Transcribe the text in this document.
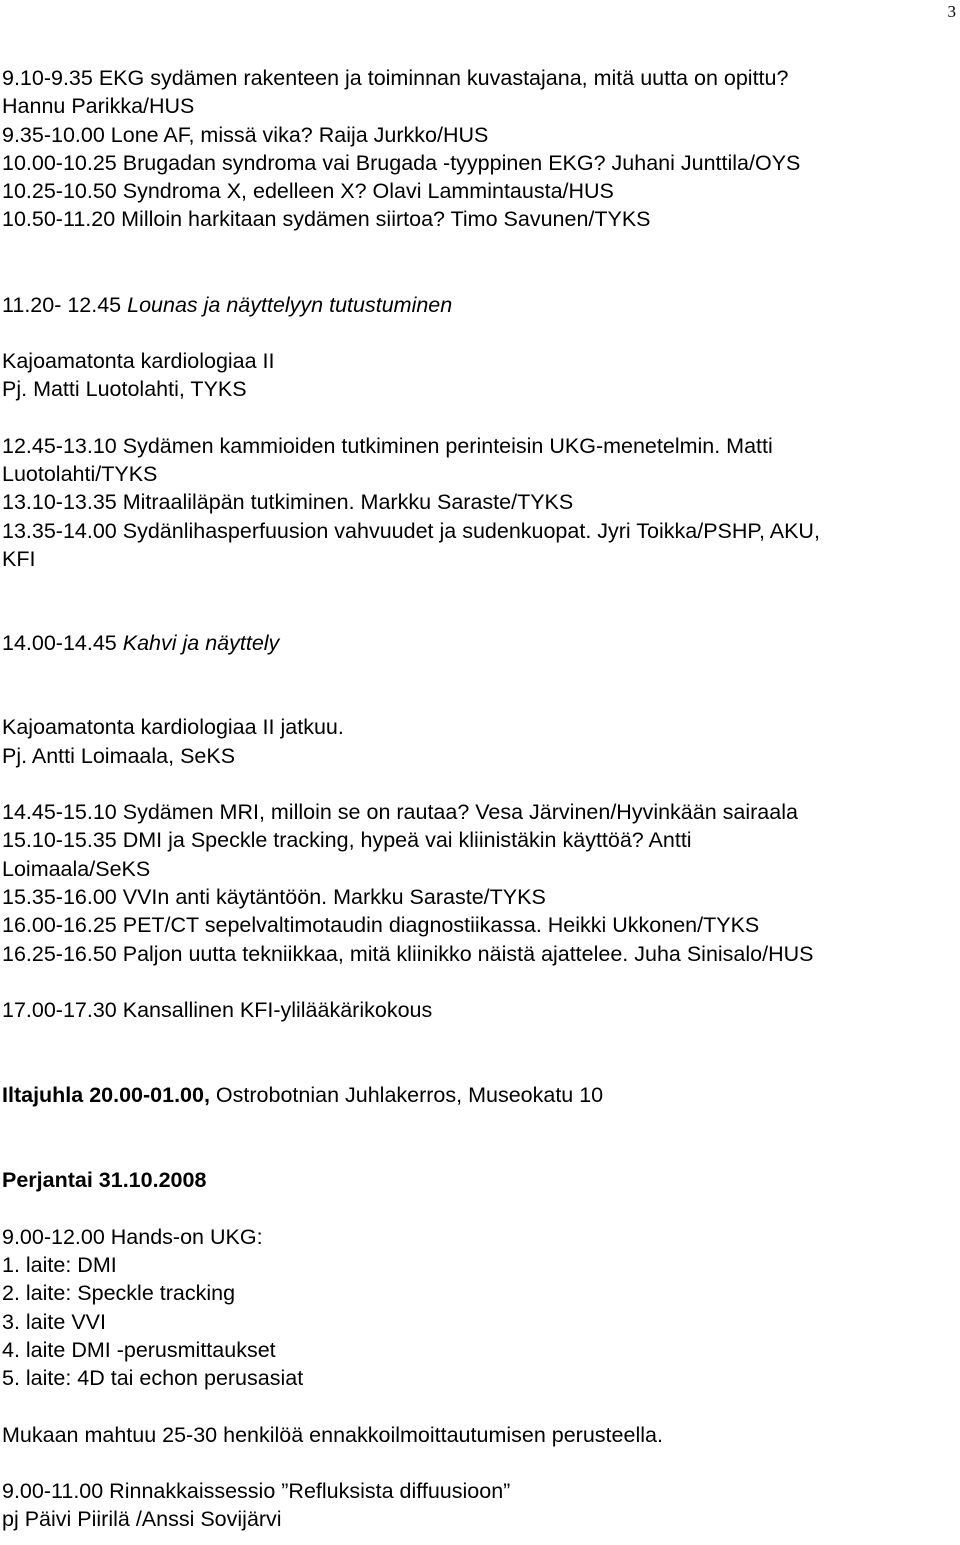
3
9.10-9.35 EKG sydämen rakenteen ja toiminnan kuvastajana, mitä uutta on opittu?
Hannu Parikka/HUS
9.35-10.00 Lone AF, missä vika? Raija Jurkko/HUS
10.00-10.25 Brugadan syndroma vai Brugada -tyyppinen EKG? Juhani Junttila/OYS
10.25-10.50 Syndroma X, edelleen X? Olavi Lammintausta/HUS
10.50-11.20 Milloin harkitaan sydämen siirtoa? Timo Savunen/TYKS
11.20- 12.45 Lounas ja näyttelyyn tutustuminen
Kajoamatonta kardiologiaa II
Pj. Matti Luotolahti, TYKS
12.45-13.10 Sydämen kammioiden tutkiminen perinteisin UKG-menetelmin. Matti
Luotolahti/TYKS
13.10-13.35 Mitraaliläpän tutkiminen. Markku Saraste/TYKS
13.35-14.00 Sydänlihasperfuusion vahvuudet ja sudenkuopat. Jyri Toikka/PSHP, AKU,
KFI
14.00-14.45 Kahvi ja näyttely
Kajoamatonta kardiologiaa II jatkuu.
Pj. Antti Loimaala, SeKS
14.45-15.10 Sydämen MRI, milloin se on rautaa? Vesa Järvinen/Hyvinkään sairaala
15.10-15.35 DMI ja Speckle tracking, hypeä vai kliinistäkin käyttöä? Antti
Loimaala/SeKS
15.35-16.00 VVIn anti käytäntöön. Markku Saraste/TYKS
16.00-16.25 PET/CT sepelvaltimotaudin diagnostiikassa. Heikki Ukkonen/TYKS
16.25-16.50 Paljon uutta tekniikkaa, mitä kliinikko näistä ajattelee. Juha Sinisalo/HUS
17.00-17.30 Kansallinen KFI-ylilääkärikokous
Iltajuhla 20.00-01.00, Ostrobotnian Juhlakerros, Museokatu 10
Perjantai 31.10.2008
9.00-12.00 Hands-on UKG:
1. laite: DMI
2. laite: Speckle tracking
3. laite VVI
4. laite DMI -perusmittaukset
5. laite: 4D tai echon perusasiat
Mukaan mahtuu 25-30 henkilöä ennakkoilmoittautumisen perusteella.
9.00-11.00 Rinnakkaissessio ”Refluksista diffuusioon”
pj Päivi Piirilä /Anssi Sovijärvi
